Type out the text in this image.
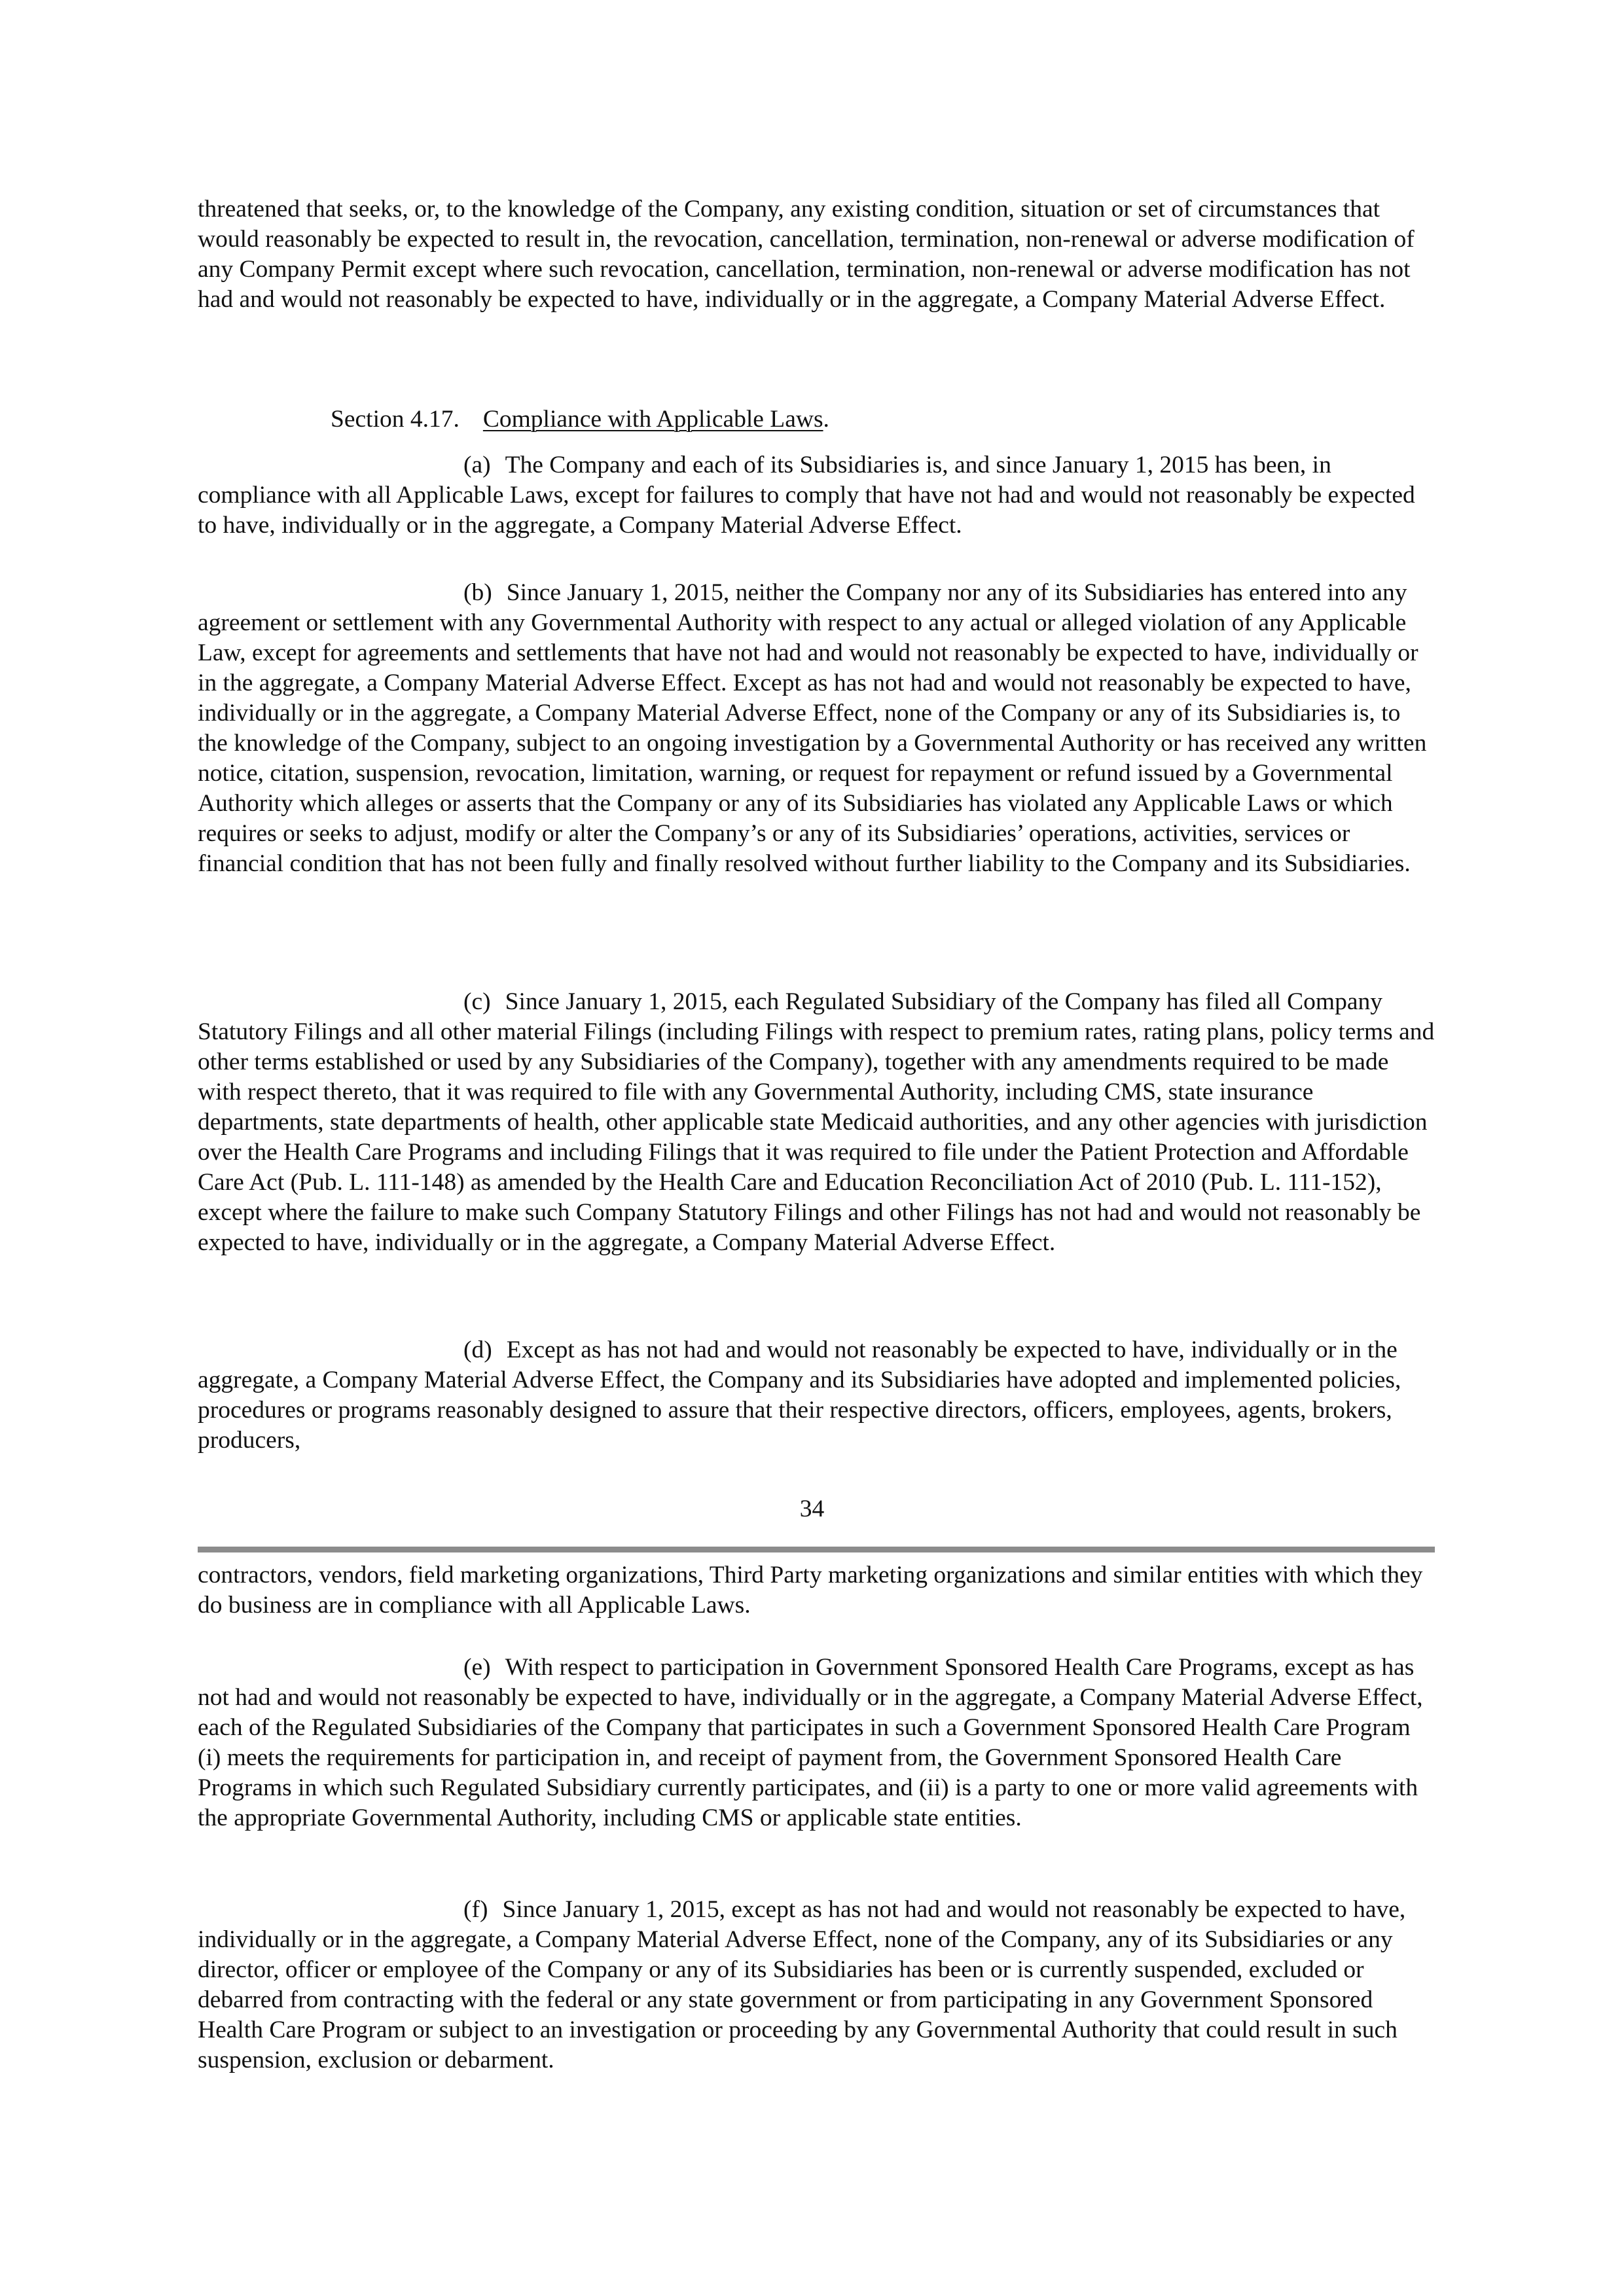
threatened that seeks, or, to the knowledge of the Company, any existing condition, situation or set of circumstances that would reasonably be expected to result in, the revocation, cancellation, termination, non-renewal or adverse modification of any Company Permit except where such revocation, cancellation, termination, non-renewal or adverse modification has not had and would not reasonably be expected to have, individually or in the aggregate, a Company Material Adverse Effect.

Section 4.17. Compliance with Applicable Laws.

(a) The Company and each of its Subsidiaries is, and since January 1, 2015 has been, in compliance with all Applicable Laws, except for failures to comply that have not had and would not reasonably be expected to have, individually or in the aggregate, a Company Material Adverse Effect.

(b) Since January 1, 2015, neither the Company nor any of its Subsidiaries has entered into any agreement or settlement with any Governmental Authority with respect to any actual or alleged violation of any Applicable Law, except for agreements and settlements that have not had and would not reasonably be expected to have, individually or in the aggregate, a Company Material Adverse Effect. Except as has not had and would not reasonably be expected to have, individually or in the aggregate, a Company Material Adverse Effect, none of the Company or any of its Subsidiaries is, to the knowledge of the Company, subject to an ongoing investigation by a Governmental Authority or has received any written notice, citation, suspension, revocation, limitation, warning, or request for repayment or refund issued by a Governmental Authority which alleges or asserts that the Company or any of its Subsidiaries has violated any Applicable Laws or which requires or seeks to adjust, modify or alter the Company’s or any of its Subsidiaries’ operations, activities, services or financial condition that has not been fully and finally resolved without further liability to the Company and its Subsidiaries.

(c) Since January 1, 2015, each Regulated Subsidiary of the Company has filed all Company Statutory Filings and all other material Filings (including Filings with respect to premium rates, rating plans, policy terms and other terms established or used by any Subsidiaries of the Company), together with any amendments required to be made with respect thereto, that it was required to file with any Governmental Authority, including CMS, state insurance departments, state departments of health, other applicable state Medicaid authorities, and any other agencies with jurisdiction over the Health Care Programs and including Filings that it was required to file under the Patient Protection and Affordable Care Act (Pub. L. 111-148) as amended by the Health Care and Education Reconciliation Act of 2010 (Pub. L. 111-152), except where the failure to make such Company Statutory Filings and other Filings has not had and would not reasonably be expected to have, individually or in the aggregate, a Company Material Adverse Effect.

(d) Except as has not had and would not reasonably be expected to have, individually or in the aggregate, a Company Material Adverse Effect, the Company and its Subsidiaries have adopted and implemented policies, procedures or programs reasonably designed to assure that their respective directors, officers, employees, agents, brokers, producers,

34

contractors, vendors, field marketing organizations, Third Party marketing organizations and similar entities with which they do business are in compliance with all Applicable Laws.

(e) With respect to participation in Government Sponsored Health Care Programs, except as has not had and would not reasonably be expected to have, individually or in the aggregate, a Company Material Adverse Effect, each of the Regulated Subsidiaries of the Company that participates in such a Government Sponsored Health Care Program (i) meets the requirements for participation in, and receipt of payment from, the Government Sponsored Health Care Programs in which such Regulated Subsidiary currently participates, and (ii) is a party to one or more valid agreements with the appropriate Governmental Authority, including CMS or applicable state entities.

(f) Since January 1, 2015, except as has not had and would not reasonably be expected to have, individually or in the aggregate, a Company Material Adverse Effect, none of the Company, any of its Subsidiaries or any director, officer or employee of the Company or any of its Subsidiaries has been or is currently suspended, excluded or debarred from contracting with the federal or any state government or from participating in any Government Sponsored Health Care Program or subject to an investigation or proceeding by any Governmental Authority that could result in such suspension, exclusion or debarment.
